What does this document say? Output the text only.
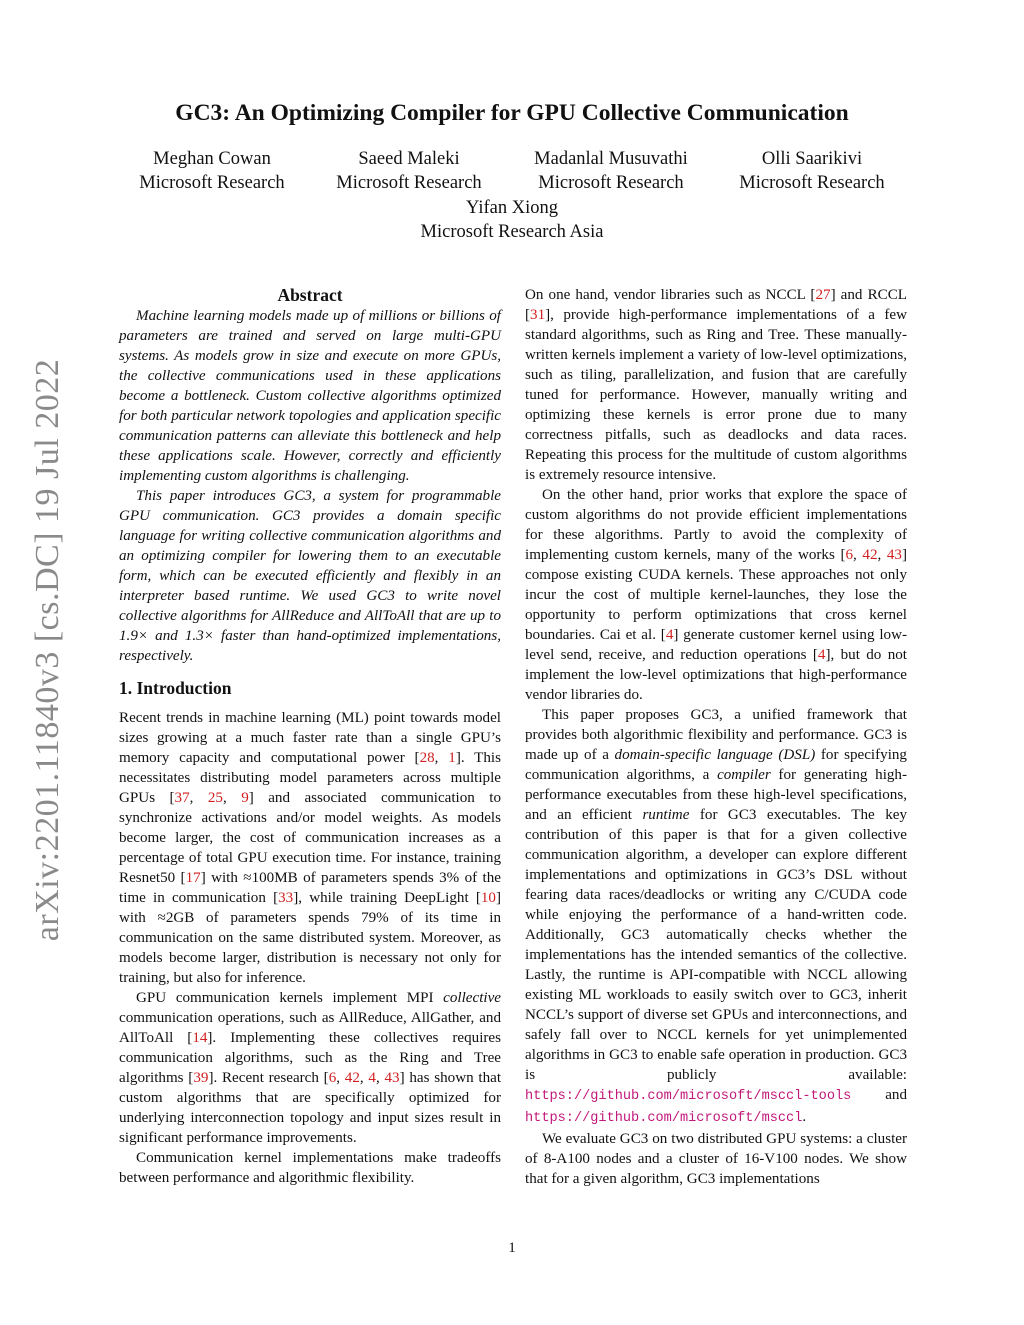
GC3: An Optimizing Compiler for GPU Collective Communication
Meghan Cowan
Microsoft Research
Saeed Maleki
Microsoft Research
Madanlal Musuvathi
Microsoft Research
Olli Saarikivi
Microsoft Research
Yifan Xiong
Microsoft Research Asia
arXiv:2201.11840v3 [cs.DC] 19 Jul 2022
Abstract

Machine learning models made up of millions or billions of parameters are trained and served on large multi-GPU systems. As models grow in size and execute on more GPUs, the collective communications used in these applications become a bottleneck. Custom collective algorithms optimized for both particular network topologies and application specific communication patterns can alleviate this bottleneck and help these applications scale. However, correctly and efficiently implementing custom algorithms is challenging.

This paper introduces GC3, a system for programmable GPU communication. GC3 provides a domain specific language for writing collective communication algorithms and an optimizing compiler for lowering them to an executable form, which can be executed efficiently and flexibly in an interpreter based runtime. We used GC3 to write novel collective algorithms for AllReduce and AllToAll that are up to 1.9× and 1.3× faster than hand-optimized implementations, respectively.

1. Introduction

Recent trends in machine learning (ML) point towards model sizes growing at a much faster rate than a single GPU’s memory capacity and computational power [28, 1]. This necessitates distributing model parameters across multiple GPUs [37, 25, 9] and associated communication to synchronize activations and/or model weights. As models become larger, the cost of communication increases as a percentage of total GPU execution time. For instance, training Resnet50 [17] with ≈100MB of parameters spends 3% of the time in communication [33], while training DeepLight [10] with ≈2GB of parameters spends 79% of its time in communication on the same distributed system. Moreover, as models become larger, distribution is necessary not only for training, but also for inference.

GPU communication kernels implement MPI collective communication operations, such as AllReduce, AllGather, and AllToAll [14]. Implementing these collectives requires communication algorithms, such as the Ring and Tree algorithms [39]. Recent research [6, 42, 4, 43] has shown that custom algorithms that are specifically optimized for underlying interconnection topology and input sizes result in significant performance improvements.

Communication kernel implementations make tradeoffs between performance and algorithmic flexibility.

On one hand, vendor libraries such as NCCL [27] and RCCL [31], provide high-performance implementations of a few standard algorithms, such as Ring and Tree. These manually-written kernels implement a variety of low-level optimizations, such as tiling, parallelization, and fusion that are carefully tuned for performance. However, manually writing and optimizing these kernels is error prone due to many correctness pitfalls, such as deadlocks and data races. Repeating this process for the multitude of custom algorithms is extremely resource intensive.

On the other hand, prior works that explore the space of custom algorithms do not provide efficient implementations for these algorithms. Partly to avoid the complexity of implementing custom kernels, many of the works [6, 42, 43] compose existing CUDA kernels. These approaches not only incur the cost of multiple kernel-launches, they lose the opportunity to perform optimizations that cross kernel boundaries. Cai et al. [4] generate customer kernel using low-level send, receive, and reduction operations [4], but do not implement the low-level optimizations that high-performance vendor libraries do.

This paper proposes GC3, a unified framework that provides both algorithmic flexibility and performance. GC3 is made up of a domain-specific language (DSL) for specifying communication algorithms, a compiler for generating high-performance executables from these high-level specifications, and an efficient runtime for GC3 executables. The key contribution of this paper is that for a given collective communication algorithm, a developer can explore different implementations and optimizations in GC3’s DSL without fearing data races/deadlocks or writing any C/CUDA code while enjoying the performance of a hand-written code. Additionally, GC3 automatically checks whether the implementations has the intended semantics of the collective. Lastly, the runtime is API-compatible with NCCL allowing existing ML workloads to easily switch over to GC3, inherit NCCL’s support of diverse set GPUs and interconnections, and safely fall over to NCCL kernels for yet unimplemented algorithms in GC3 to enable safe operation in production. GC3 is publicly available: https://github.com/microsoft/msccl-tools and https://github.com/microsoft/msccl.

We evaluate GC3 on two distributed GPU systems: a cluster of 8-A100 nodes and a cluster of 16-V100 nodes. We show that for a given algorithm, GC3 implementations

1
